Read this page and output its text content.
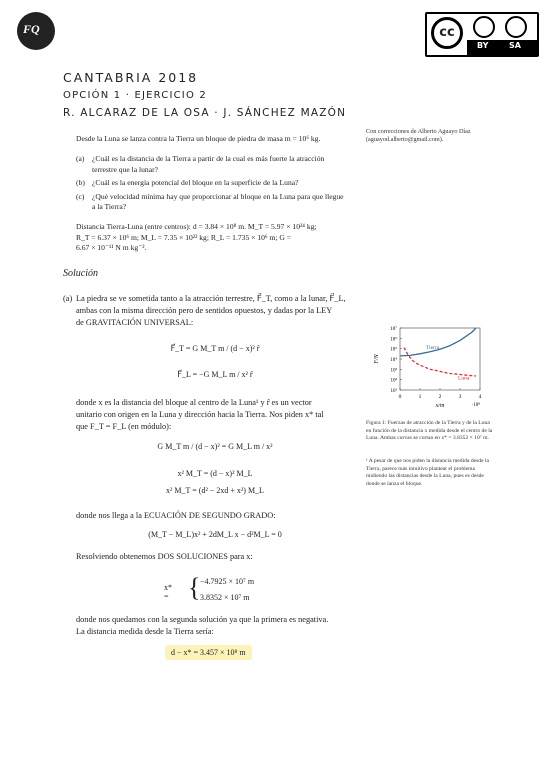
FQ	cc
BY	SA
CANTABRIA 2018
OPCIÓN 1 · EJERCICIO 2
R. ALCARAZ DE LA OSA · J. SÁNCHEZ MAZÓN
Con correcciones de Alberto Aguayo Díaz (aguayod.alberto@gmail.com).
Desde la Luna se lanza contra la Tierra un bloque de piedra de masa m = 10⁶ kg.
(a) ¿Cuál es la distancia de la Tierra a partir de la cual es más fuerte la atracción terrestre que la lunar?
(b) ¿Cuál es la energía potencial del bloque en la superficie de la Luna?
(c) ¿Qué velocidad mínima hay que proporcionar al bloque en la Luna para que llegue a la Tierra?
Distancia Tierra-Luna (entre centros): d = 3.84 × 10⁸ m. M_T = 5.97 × 10²⁴ kg;
R_T = 6.37 × 10⁶ m; M_L = 7.35 × 10²² kg; R_L = 1.735 × 10⁶ m; G =
6.67 × 10⁻¹¹ N m kg⁻².
Solución
(a) La piedra se ve sometida tanto a la atracción terrestre, F⃗_T, como a la lunar, F⃗_L,
ambas con la misma dirección pero de sentidos opuestos, y dadas por la LEY
de GRAVITACIÓN UNIVERSAL:
F⃗_T = G M_T m / (d − x)² r̂
F⃗_L = −G M_L m / x² r̂
donde x es la distancia del bloque al centro de la Luna¹ y r̂ es un vector
unitario con origen en la Luna y dirección hacia la Tierra. Nos piden x* tal
que F_T = F_L (en módulo):
G M_T m / (d − x)² = G M_L m / x²
x² M_T = (d − x)² M_L
x² M_T = (d² − 2xd + x²) M_L
donde nos llega a la ECUACIÓN DE SEGUNDO GRADO:
(M_T − M_L)x² + 2dM_L x − d²M_L = 0
Resolviendo obtenemos DOS SOLUCIONES para x:
x* = { −4.7925 × 10⁷ m
3.8352 × 10⁷ m
donde nos quedamos con la segunda solución ya que la primera es negativa.
La distancia medida desde la Tierra sería:
d − x* = 3.457 × 10⁸ m
10¹
10²
10³
10⁴
10⁵
10⁶
10⁷
0	1	2	3	4
·10⁸
x/m
F/N
Tierra
Luna
Figura 1: Fuerzas de atracción de la Tierra y de la Luna en función de la distancia x medida desde el centro de la Luna. Ambas curvas se cortan en x* = 3.8352 × 10⁷ m.
¹ A pesar de que nos piden la distancia medida desde la Tierra, parece más intuitivo plantear el problema midiendo las distancias desde la Luna, pues es desde donde se lanza el bloque.
